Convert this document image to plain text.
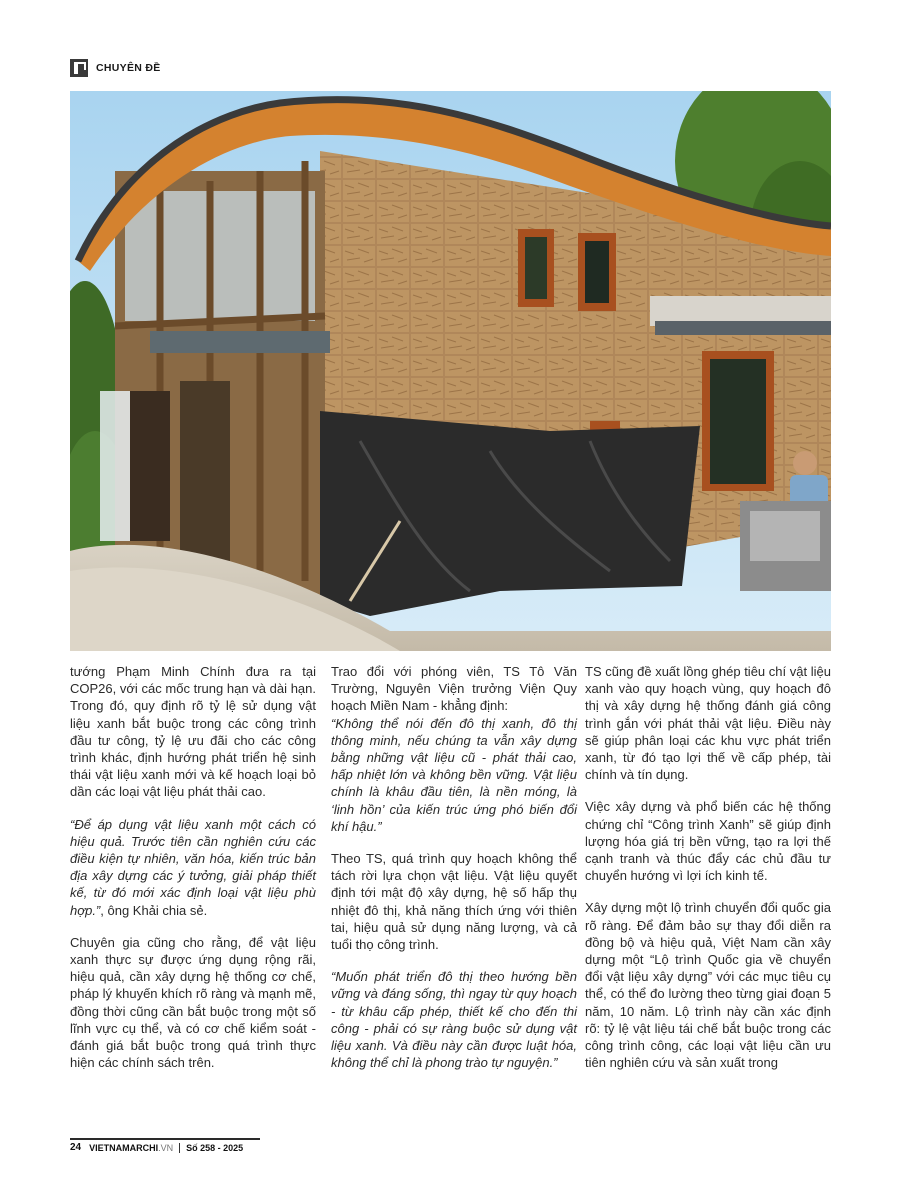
CHUYÊN ĐỀ

tướng Phạm Minh Chính đưa ra tại COP26, với các mốc trung hạn và dài hạn. Trong đó, quy định rõ tỷ lệ sử dụng vật liệu xanh bắt buộc trong các công trình đầu tư công, tỷ lệ ưu đãi cho các công trình khác, định hướng phát triển hệ sinh thái vật liệu xanh mới và kế hoạch loại bỏ dần các loại vật liệu phát thải cao.

“Để áp dụng vật liệu xanh một cách có hiệu quả. Trước tiên cần nghiên cứu các điều kiện tự nhiên, văn hóa, kiến trúc bản địa xây dựng các ý tưởng, giải pháp thiết kế, từ đó mới xác định loại vật liệu phù hợp.”, ông Khải chia sẻ.

Chuyên gia cũng cho rằng, để vật liệu xanh thực sự được ứng dụng rộng rãi, hiệu quả, cần xây dựng hệ thống cơ chế, pháp lý khuyến khích rõ ràng và mạnh mẽ, đồng thời cũng cần bắt buộc trong một số lĩnh vực cụ thể, và có cơ chế kiểm soát - đánh giá bắt buộc trong quá trình thực hiện các chính sách trên.

Trao đổi với phóng viên, TS Tô Văn Trường, Nguyên Viện trưởng Viện Quy hoạch Miền Nam - khẳng định:
“Không thể nói đến đô thị xanh, đô thị thông minh, nếu chúng ta vẫn xây dựng bằng những vật liệu cũ - phát thải cao, hấp nhiệt lớn và không bền vững. Vật liệu chính là khâu đầu tiên, là nền móng, là ‘linh hồn’ của kiến trúc ứng phó biến đổi khí hậu.”

Theo TS, quá trình quy hoạch không thể tách rời lựa chọn vật liệu. Vật liệu quyết định tới mật độ xây dựng, hệ số hấp thụ nhiệt đô thị, khả năng thích ứng với thiên tai, hiệu quả sử dụng năng lượng, và cả tuổi thọ công trình.

“Muốn phát triển đô thị theo hướng bền vững và đáng sống, thì ngay từ quy hoạch - từ khâu cấp phép, thiết kế cho đến thi công - phải có sự ràng buộc sử dụng vật liệu xanh. Và điều này cần được luật hóa, không thể chỉ là phong trào tự nguyện.”

TS cũng đề xuất lồng ghép tiêu chí vật liệu xanh vào quy hoạch vùng, quy hoạch đô thị và xây dựng hệ thống đánh giá công trình gắn với phát thải vật liệu. Điều này sẽ giúp phân loại các khu vực phát triển xanh, từ đó tạo lợi thế về cấp phép, tài chính và tín dụng.

Việc xây dựng và phổ biến các hệ thống chứng chỉ “Công trình Xanh” sẽ giúp định lượng hóa giá trị bền vững, tạo ra lợi thế cạnh tranh và thúc đẩy các chủ đầu tư chuyển hướng vì lợi ích kinh tế.

Xây dựng một lộ trình chuyển đổi quốc gia rõ ràng. Để đảm bảo sự thay đổi diễn ra đồng bộ và hiệu quả, Việt Nam cần xây dựng một “Lộ trình Quốc gia về chuyển đổi vật liệu xây dựng” với các mục tiêu cụ thể, có thể đo lường theo từng giai đoạn 5 năm, 10 năm. Lộ trình này cần xác định rõ: tỷ lệ vật liệu tái chế bắt buộc trong các công trình công, các loại vật liệu cần ưu tiên nghiên cứu và sản xuất trong

24 VIETNAMARCHI .VN Số 258 - 2025
